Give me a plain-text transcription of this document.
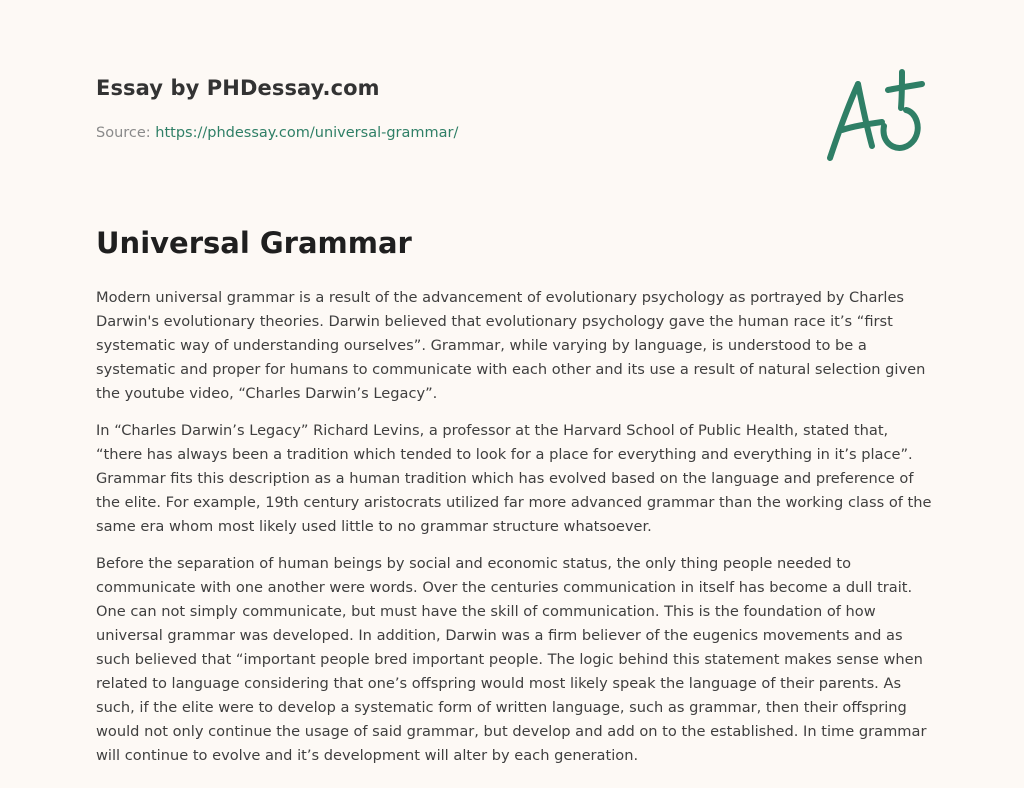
Essay by PHDessay.com
Source: https://phdessay.com/universal-grammar/
Universal Grammar

Modern universal grammar is a result of the advancement of evolutionary psychology as portrayed by Charles Darwin's evolutionary theories. Darwin believed that evolutionary psychology gave the human race it’s “first systematic way of understanding ourselves”. Grammar, while varying by language, is understood to be a systematic and proper for humans to communicate with each other and its use a result of natural selection given the youtube video, “Charles Darwin’s Legacy”.

In “Charles Darwin’s Legacy” Richard Levins, a professor at the Harvard School of Public Health, stated that, “there has always been a tradition which tended to look for a place for everything and everything in it’s place”. Grammar fits this description as a human tradition which has evolved based on the language and preference of the elite. For example, 19th century aristocrats utilized far more advanced grammar than the working class of the same era whom most likely used little to no grammar structure whatsoever.

Before the separation of human beings by social and economic status, the only thing people needed to communicate with one another were words. Over the centuries communication in itself has become a dull trait. One can not simply communicate, but must have the skill of communication. This is the foundation of how universal grammar was developed. In addition, Darwin was a firm believer of the eugenics movements and as such believed that “important people bred important people. The logic behind this statement makes sense when related to language considering that one’s offspring would most likely speak the language of their parents. As such, if the elite were to develop a systematic form of written language, such as grammar, then their offspring would not only continue the usage of said grammar, but develop and add on to the established. In time grammar will continue to evolve and it’s development will alter by each generation.
